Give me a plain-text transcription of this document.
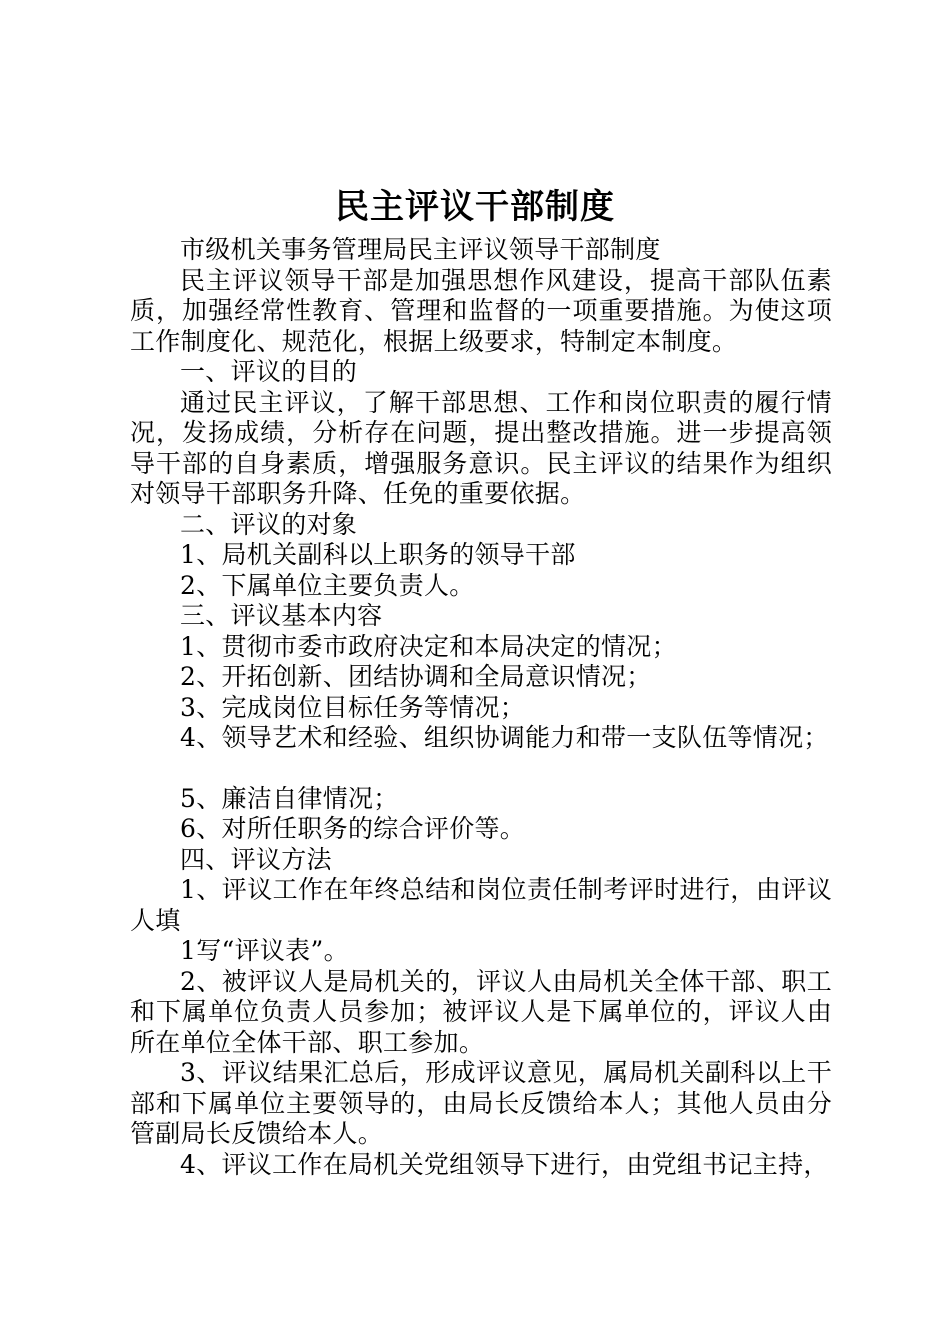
民主评议干部制度

市级机关事务管理局民主评议领导干部制度

民主评议领导干部是加强思想作风建设，提高干部队伍素质，加强经常性教育、管理和监督的一项重要措施。为使这项工作制度化、规范化，根据上级要求，特制定本制度。

一、评议的目的

通过民主评议，了解干部思想、工作和岗位职责的履行情况，发扬成绩，分析存在问题，提出整改措施。进一步提高领导干部的自身素质，增强服务意识。民主评议的结果作为组织对领导干部职务升降、任免的重要依据。

二、评议的对象

1、局机关副科以上职务的领导干部

2、下属单位主要负责人。

三、评议基本内容

1、贯彻市委市政府决定和本局决定的情况；

2、开拓创新、团结协调和全局意识情况；

3、完成岗位目标任务等情况；

4、领导艺术和经验、组织协调能力和带一支队伍等情况；

5、廉洁自律情况；

6、对所任职务的综合评价等。

四、评议方法

1、评议工作在年终总结和岗位责任制考评时进行，由评议人填

1写“评议表”。

2、被评议人是局机关的，评议人由局机关全体干部、职工和下属单位负责人员参加；被评议人是下属单位的，评议人由所在单位全体干部、职工参加。

3、评议结果汇总后，形成评议意见，属局机关副科以上干部和下属单位主要领导的，由局长反馈给本人；其他人员由分管副局长反馈给本人。

4、评议工作在局机关党组领导下进行，由党组书记主持，
